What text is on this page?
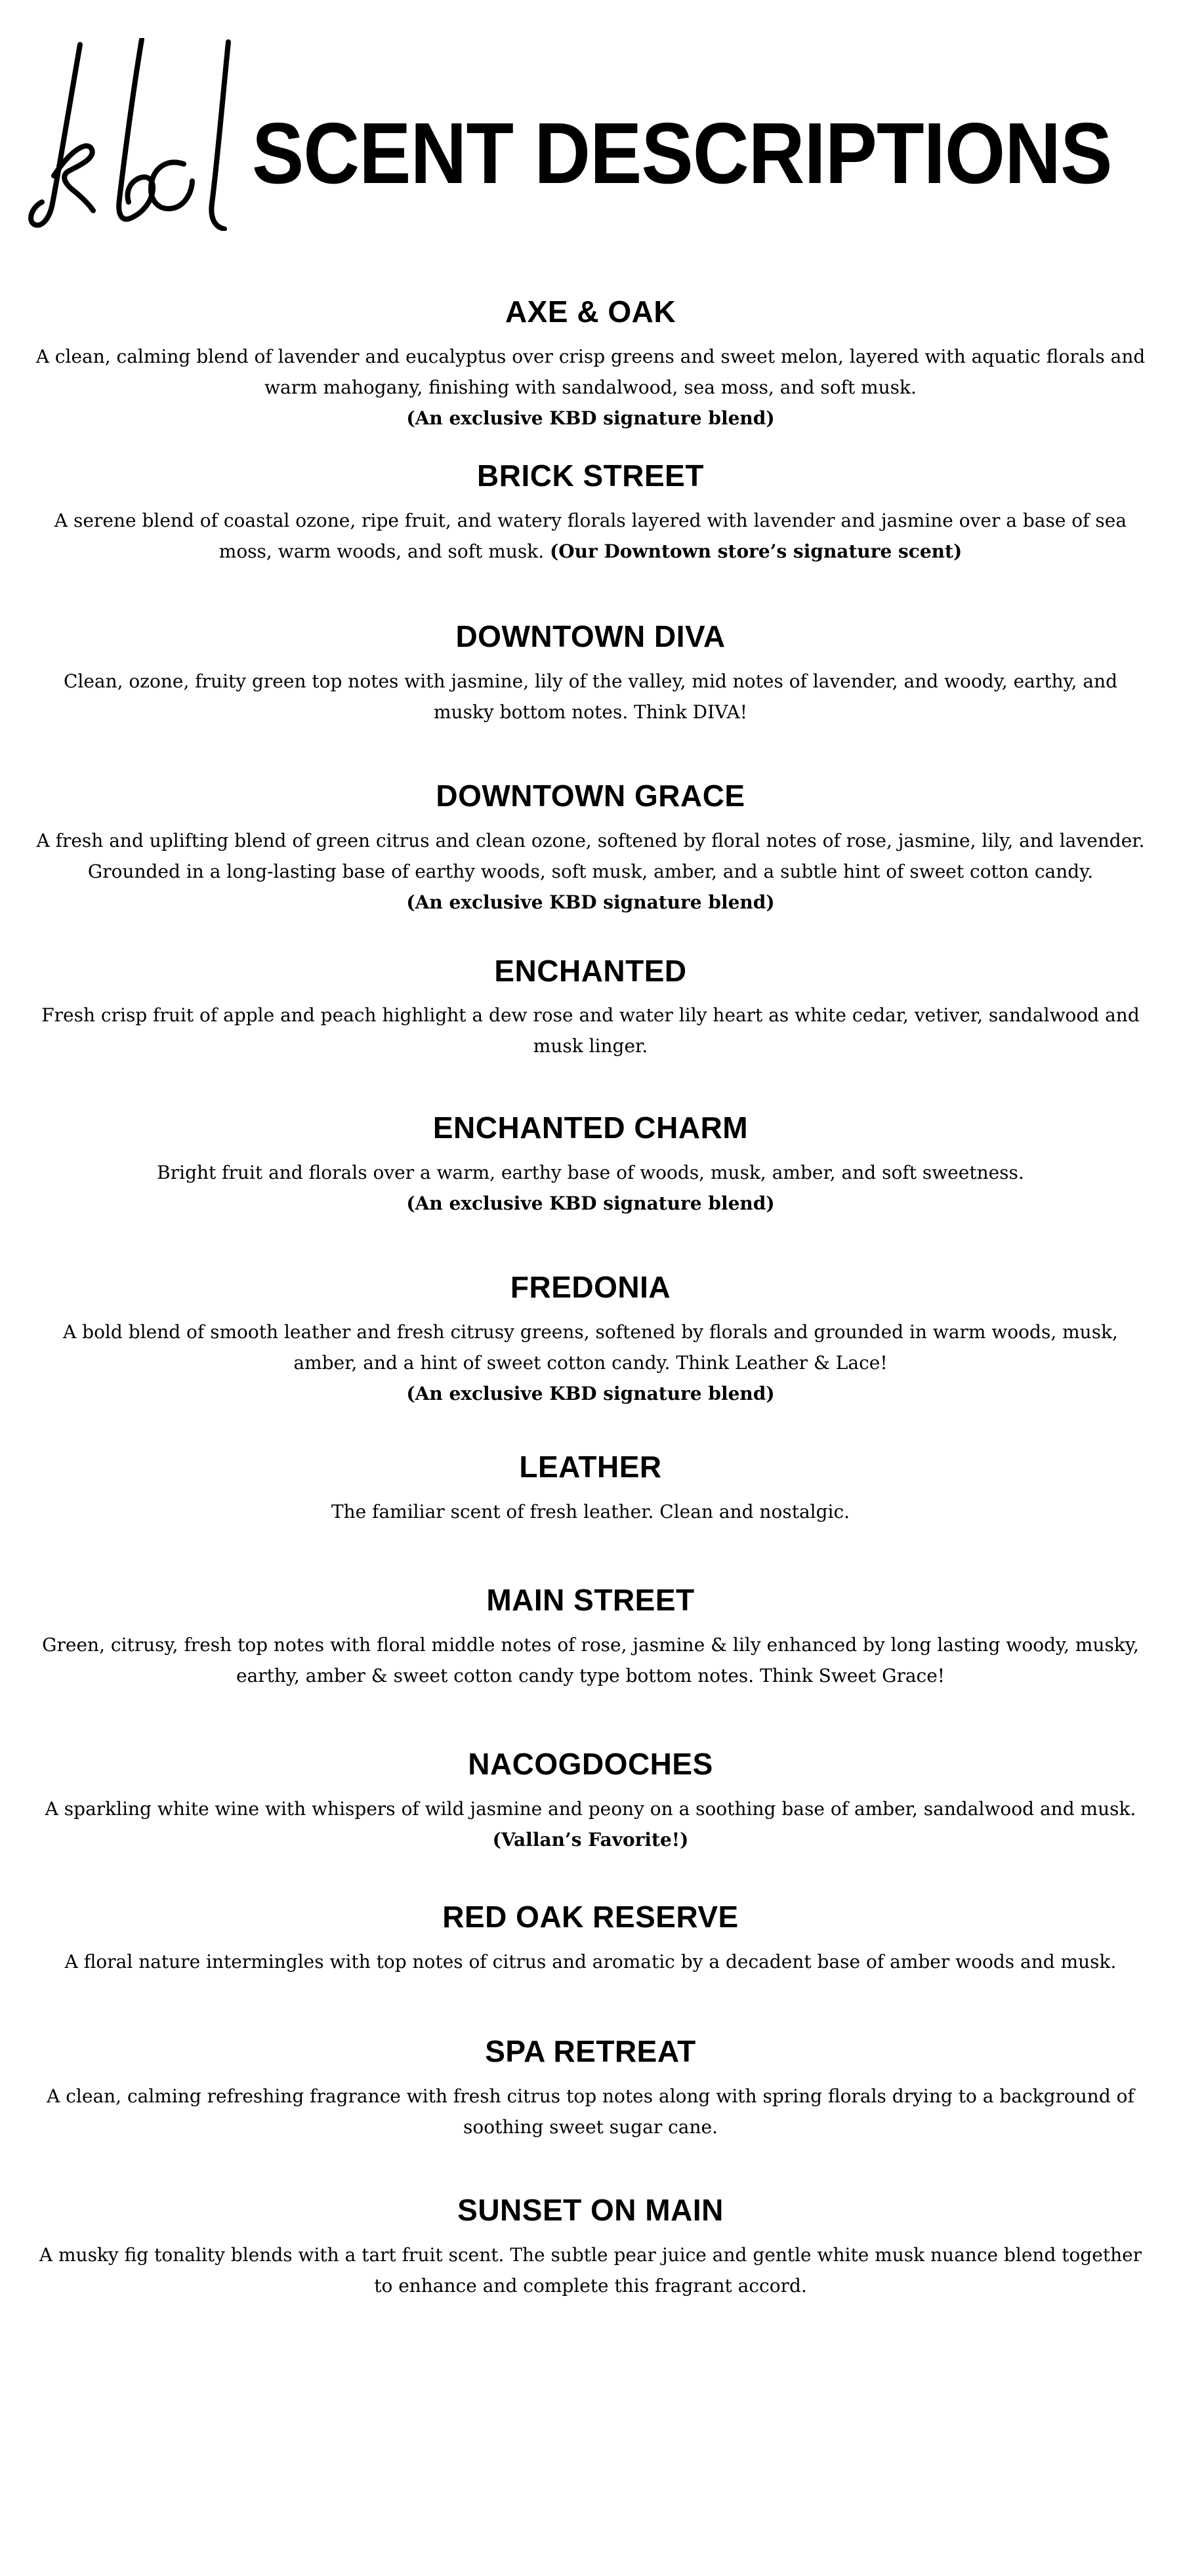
SCENT DESCRIPTIONS
AXE & OAK

A clean, calming blend of lavender and eucalyptus over crisp greens and sweet melon, layered with aquatic florals and warm mahogany, finishing with sandalwood, sea moss, and soft musk.

(An exclusive KBD signature blend)
BRICK STREET

A serene blend of coastal ozone, ripe fruit, and watery florals layered with lavender and jasmine over a base of sea moss, warm woods, and soft musk. (Our Downtown store’s signature scent)

DOWNTOWN DIVA

Clean, ozone, fruity green top notes with jasmine, lily of the valley, mid notes of lavender, and woody, earthy, and musky bottom notes. Think DIVA!

DOWNTOWN GRACE

A fresh and uplifting blend of green citrus and clean ozone, softened by floral notes of rose, jasmine, lily, and lavender. Grounded in a long-lasting base of earthy woods, soft musk, amber, and a subtle hint of sweet cotton candy.

(An exclusive KBD signature blend)
ENCHANTED

Fresh crisp fruit of apple and peach highlight a dew rose and water lily heart as white cedar, vetiver, sandalwood and musk linger.

ENCHANTED CHARM

Bright fruit and florals over a warm, earthy base of woods, musk, amber, and soft sweetness.

(An exclusive KBD signature blend)
FREDONIA

A bold blend of smooth leather and fresh citrusy greens, softened by florals and grounded in warm woods, musk, amber, and a hint of sweet cotton candy. Think Leather & Lace!

(An exclusive KBD signature blend)
LEATHER

The familiar scent of fresh leather. Clean and nostalgic.

MAIN STREET

Green, citrusy, fresh top notes with floral middle notes of rose, jasmine & lily enhanced by long lasting woody, musky, earthy, amber & sweet cotton candy type bottom notes. Think Sweet Grace!

NACOGDOCHES

A sparkling white wine with whispers of wild jasmine and peony on a soothing base of amber, sandalwood and musk.

(Vallan’s Favorite!)
RED OAK RESERVE

A floral nature intermingles with top notes of citrus and aromatic by a decadent base of amber woods and musk.

SPA RETREAT

A clean, calming refreshing fragrance with fresh citrus top notes along with spring florals drying to a background of soothing sweet sugar cane.

SUNSET ON MAIN

A musky fig tonality blends with a tart fruit scent. The subtle pear juice and gentle white musk nuance blend together to enhance and complete this fragrant accord.
